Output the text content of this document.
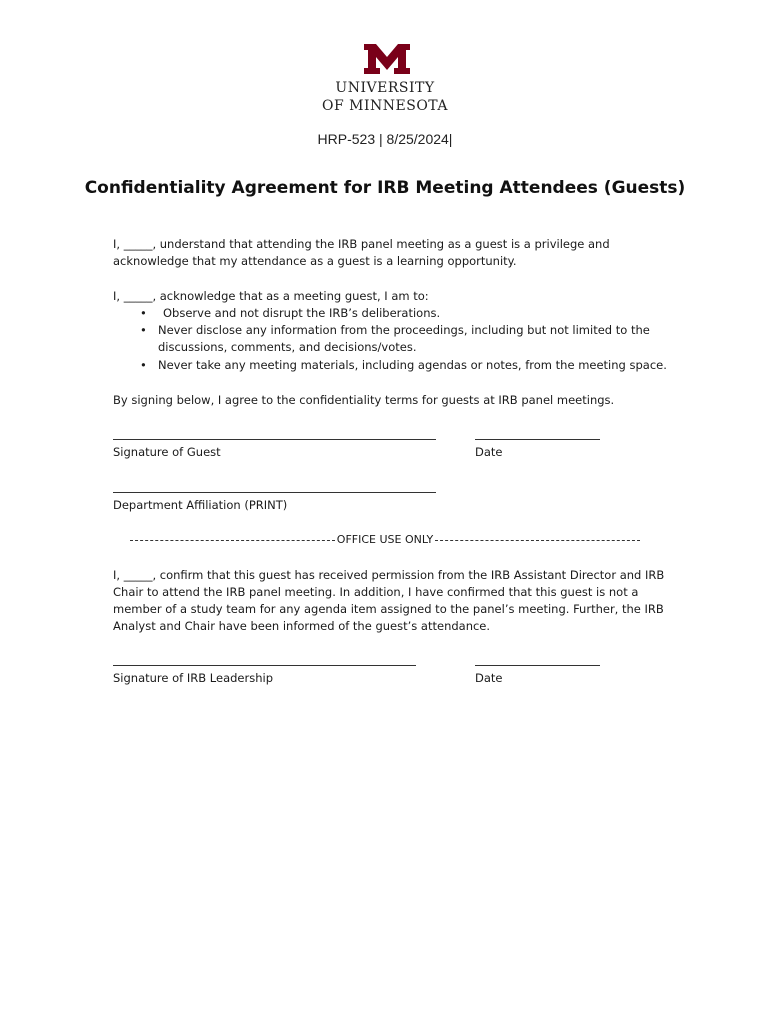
UNIVERSITY
OF MINNESOTA
HRP-523 | 8/25/2024|
Confidentiality Agreement for IRB Meeting Attendees (Guests)
I, _____, understand that attending the IRB panel meeting as a guest is a privilege and
acknowledge that my attendance as a guest is a learning opportunity.
I, _____, acknowledge that as a meeting guest, I am to:
• Observe and not disrupt the IRB’s deliberations.
• Never disclose any information from the proceedings, including but not limited to the
discussions, comments, and decisions/votes.
• Never take any meeting materials, including agendas or notes, from the meeting space.
By signing below, I agree to the confidentiality terms for guests at IRB panel meetings.
Signature of Guest	Date
Department Affiliation (PRINT)
OFFICE USE ONLY
I, _____, confirm that this guest has received permission from the IRB Assistant Director and IRB
Chair to attend the IRB panel meeting. In addition, I have confirmed that this guest is not a
member of a study team for any agenda item assigned to the panel’s meeting. Further, the IRB
Analyst and Chair have been informed of the guest’s attendance.
Signature of IRB Leadership	Date
